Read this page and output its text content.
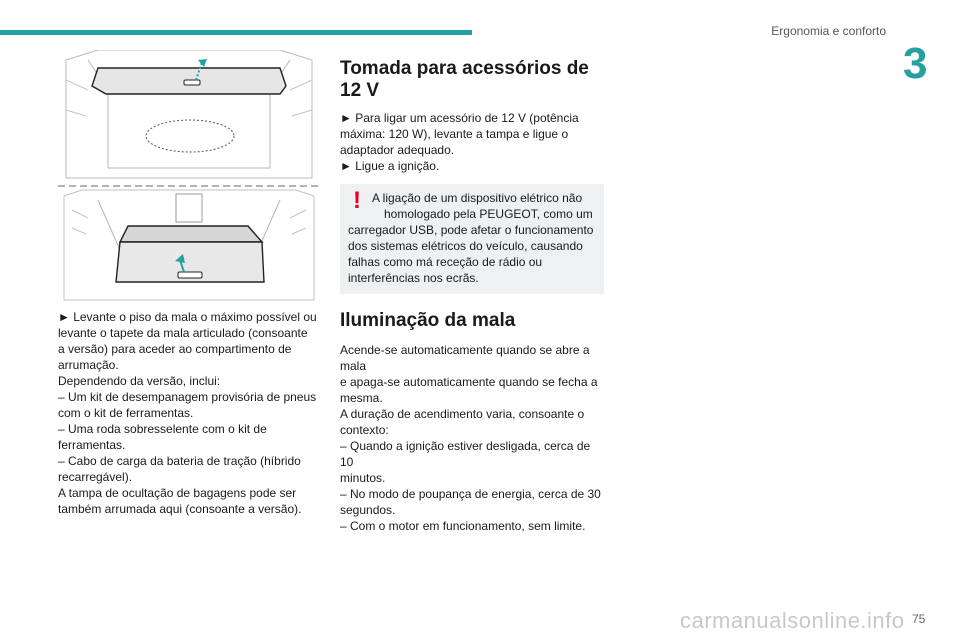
Ergonomia e conforto
3

► Levante o piso da mala o máximo possível ou

levante o tapete da mala articulado (consoante

a versão) para aceder ao compartimento de

arrumação.

Dependendo da versão, inclui:

– Um kit de desempanagem provisória de pneus

com o kit de ferramentas.

– Uma roda sobresselente com o kit de

ferramentas.

– Cabo de carga da bateria de tração (híbrido

recarregável).

A tampa de ocultação de bagagens pode ser

também arrumada aqui (consoante a versão).

Tomada para acessórios de
12 V

► Para ligar um acessório de 12 V (potência

máxima: 120 W), levante a tampa e ligue o

adaptador adequado.

► Ligue a ignição.

! A ligação de um dispositivo elétrico não

homologado pela PEUGEOT, como um

carregador USB, pode afetar o funcionamento

dos sistemas elétricos do veículo, causando

falhas como má receção de rádio ou

interferências nos ecrãs.

Iluminação da mala

Acende-se automaticamente quando se abre a mala

e apaga-se automaticamente quando se fecha a

mesma.

A duração de acendimento varia, consoante o

contexto:

– Quando a ignição estiver desligada, cerca de 10

minutos.

– No modo de poupança de energia, cerca de 30

segundos.

– Com o motor em funcionamento, sem limite.

carmanualsonline.info 75
